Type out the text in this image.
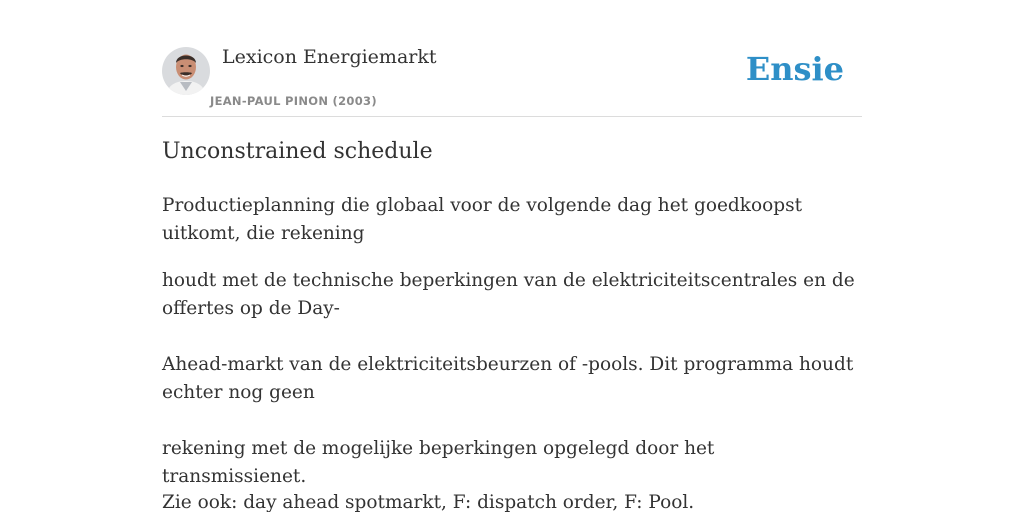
Lexicon Energiemarkt
JEAN-PAUL PINON (2003)
Ensie
Unconstrained schedule

Productieplanning die globaal voor de volgende dag het goedkoopst uitkomt, die rekening

houdt met de technische beperkingen van de elektriciteitscentrales en de offertes op de Day-

Ahead-markt van de elektriciteitsbeurzen of -pools. Dit programma houdt echter nog geen

rekening met de mogelijke beperkingen opgelegd door het transmissienet.

Zie ook: day ahead spotmarkt, F: dispatch order, F: Pool.
